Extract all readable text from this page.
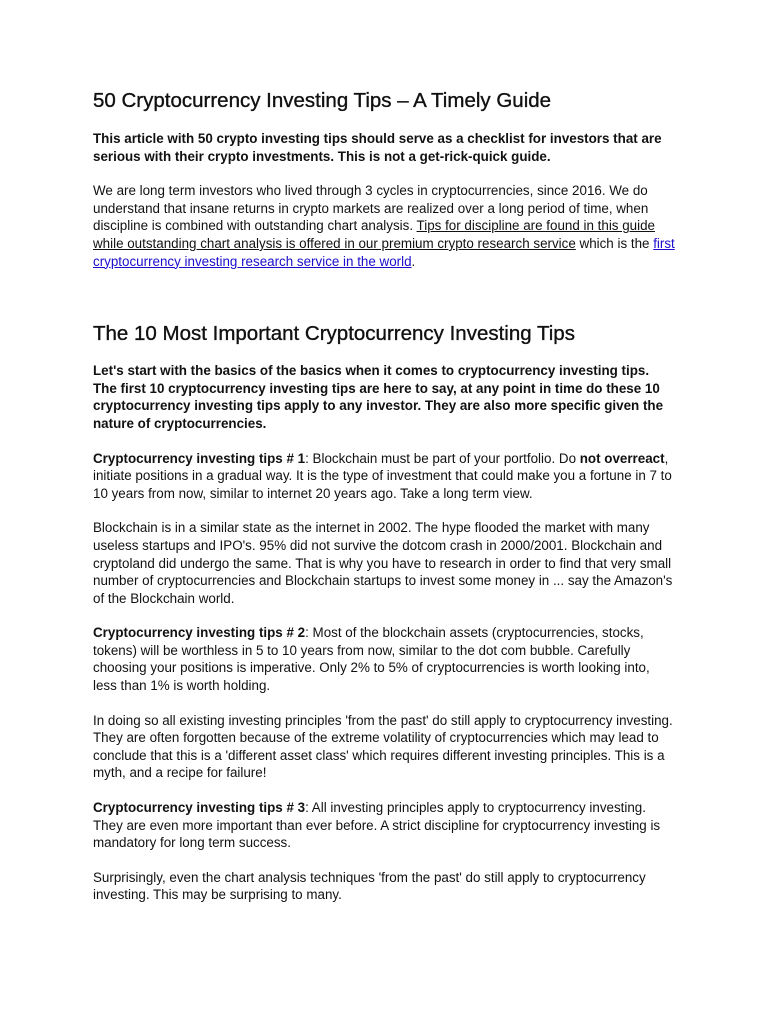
50 Cryptocurrency Investing Tips – A Timely Guide

This article with 50 crypto investing tips should serve as a checklist for investors that are serious with their crypto investments. This is not a get-rick-quick guide.

We are long term investors who lived through 3 cycles in cryptocurrencies, since 2016. We do understand that insane returns in crypto markets are realized over a long period of time, when discipline is combined with outstanding chart analysis. Tips for discipline are found in this guide while outstanding chart analysis is offered in our premium crypto research service which is the first cryptocurrency investing research service in the world.

The 10 Most Important Cryptocurrency Investing Tips

Let's start with the basics of the basics when it comes to cryptocurrency investing tips. The first 10 cryptocurrency investing tips are here to say, at any point in time do these 10 cryptocurrency investing tips apply to any investor. They are also more specific given the nature of cryptocurrencies.

Cryptocurrency investing tips # 1: Blockchain must be part of your portfolio. Do not overreact, initiate positions in a gradual way. It is the type of investment that could make you a fortune in 7 to 10 years from now, similar to internet 20 years ago. Take a long term view.

Blockchain is in a similar state as the internet in 2002. The hype flooded the market with many useless startups and IPO's. 95% did not survive the dotcom crash in 2000/2001. Blockchain and cryptoland did undergo the same. That is why you have to research in order to find that very small number of cryptocurrencies and Blockchain startups to invest some money in ... say the Amazon's of the Blockchain world.

Cryptocurrency investing tips # 2: Most of the blockchain assets (cryptocurrencies, stocks, tokens) will be worthless in 5 to 10 years from now, similar to the dot com bubble. Carefully choosing your positions is imperative. Only 2% to 5% of cryptocurrencies is worth looking into, less than 1% is worth holding.

In doing so all existing investing principles 'from the past' do still apply to cryptocurrency investing. They are often forgotten because of the extreme volatility of cryptocurrencies which may lead to conclude that this is a 'different asset class' which requires different investing principles. This is a myth, and a recipe for failure!

Cryptocurrency investing tips # 3: All investing principles apply to cryptocurrency investing. They are even more important than ever before. A strict discipline for cryptocurrency investing is mandatory for long term success.

Surprisingly, even the chart analysis techniques 'from the past' do still apply to cryptocurrency investing. This may be surprising to many.
